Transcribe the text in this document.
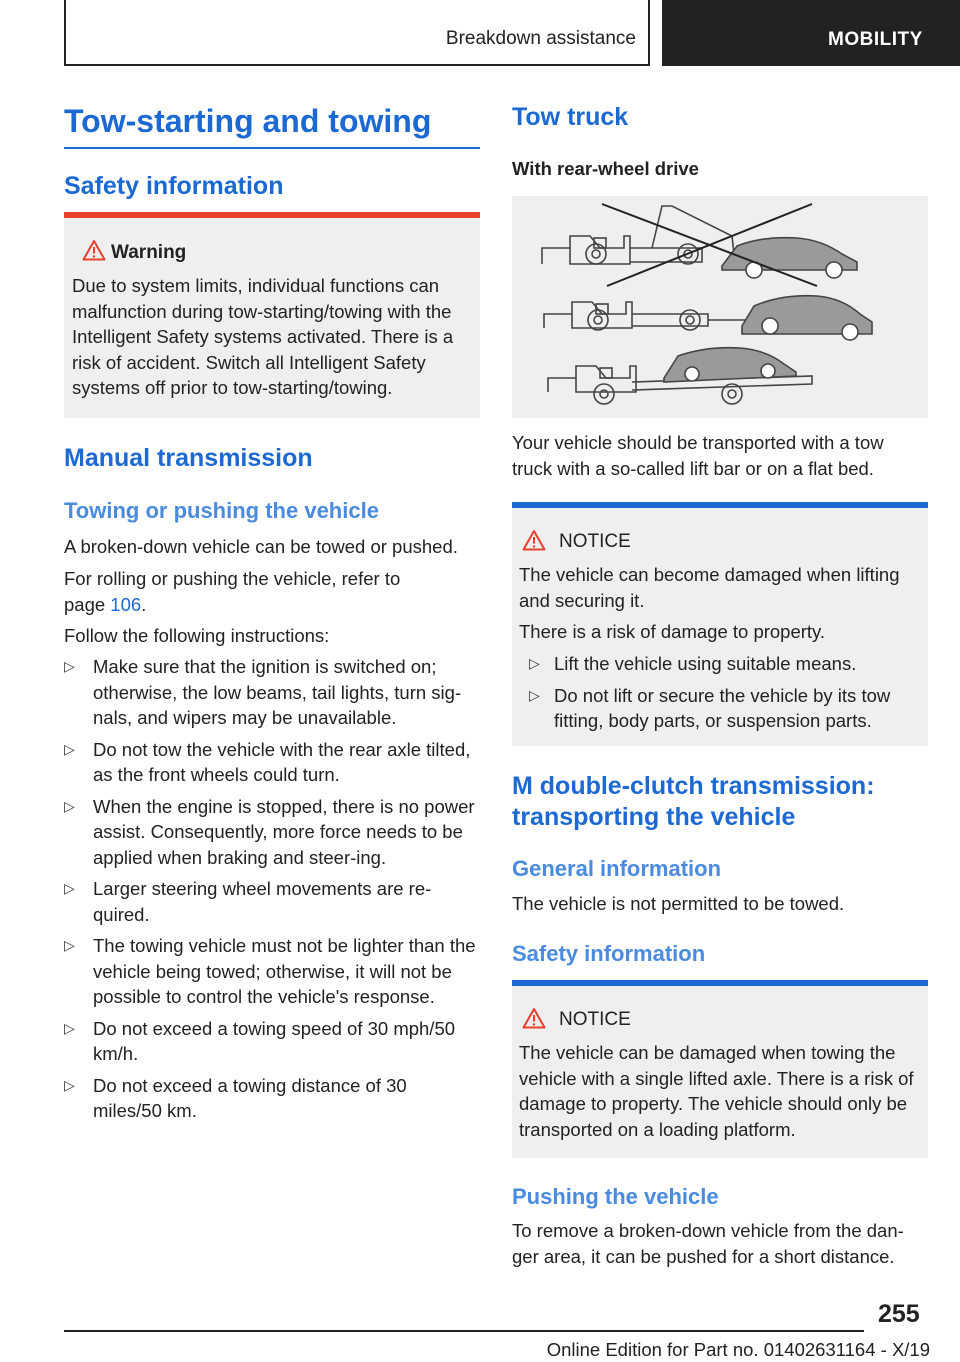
Breakdown assistance	MOBILITY
Tow-starting and towing
Safety information
Warning
Due to system limits, individual functions can malfunction during tow-starting/towing with the Intelligent Safety systems activated. There is a risk of accident. Switch all Intelligent Safety systems off prior to tow-starting/towing.
Manual transmission
Towing or pushing the vehicle
A broken-down vehicle can be towed or pushed.
For rolling or pushing the vehicle, refer to
page 106.
Follow the following instructions:
▷ Make sure that the ignition is switched on; otherwise, the low beams, tail lights, turn sig-nals, and wipers may be unavailable.
▷ Do not tow the vehicle with the rear axle tilted, as the front wheels could turn.
▷ When the engine is stopped, there is no power assist. Consequently, more force needs to be applied when braking and steer-ing.
▷ Larger steering wheel movements are re-quired.
▷ The towing vehicle must not be lighter than the vehicle being towed; otherwise, it will not be possible to control the vehicle's response.
▷ Do not exceed a towing speed of 30 mph/50 km/h.
▷ Do not exceed a towing distance of 30 miles/50 km.
Tow truck
With rear-wheel drive
Your vehicle should be transported with a tow truck with a so-called lift bar or on a flat bed.
NOTICE
The vehicle can become damaged when lifting and securing it.
There is a risk of damage to property.
▷ Lift the vehicle using suitable means.
▷ Do not lift or secure the vehicle by its tow fitting, body parts, or suspension parts.
M double-clutch transmission: transporting the vehicle
General information
The vehicle is not permitted to be towed.
Safety information
NOTICE
The vehicle can be damaged when towing the vehicle with a single lifted axle. There is a risk of damage to property. The vehicle should only be transported on a loading platform.
Pushing the vehicle
To remove a broken-down vehicle from the dan-ger area, it can be pushed for a short distance.
255
Online Edition for Part no. 01402631164 - X/19
